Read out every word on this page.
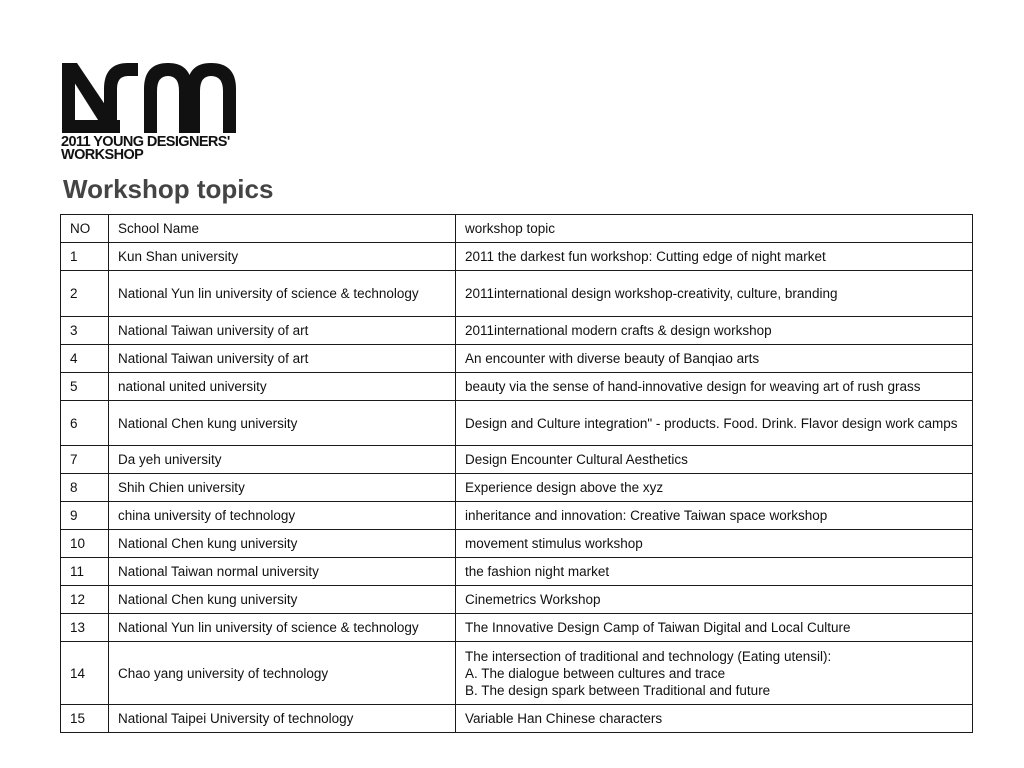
2011 YOUNG DESIGNERS'
WORKSHOP
Workshop topics
NO	School Name	workshop topic
1	Kun Shan university	2011 the darkest fun workshop: Cutting edge of night market

2	National Yun lin university of science & technology	2011international design workshop-creativity, culture, branding

3	National Taiwan university of art	2011international modern crafts & design workshop

4	National Taiwan university of art	An encounter with diverse beauty of Banqiao arts

5	national united university	beauty via the sense of hand-innovative design for weaving art of rush grass

6	National Chen kung university	Design and Culture integration" - products. Food. Drink. Flavor design work camps

7	Da yeh university	Design Encounter Cultural Aesthetics

8	Shih Chien university	Experience design above the xyz

9	china university of technology	inheritance and innovation: Creative Taiwan space workshop

10	National Chen kung university	movement stimulus workshop

11	National Taiwan normal university	the fashion night market

12	National Chen kung university	Cinemetrics Workshop

13	National Yun lin university of science & technology	The Innovative Design Camp of Taiwan Digital and Local Culture

14	Chao yang university of technology	The intersection of traditional and technology (Eating utensil):
A. The dialogue between cultures and trace
B. The design spark between Traditional and future

15	National Taipei University of technology	Variable Han Chinese characters
